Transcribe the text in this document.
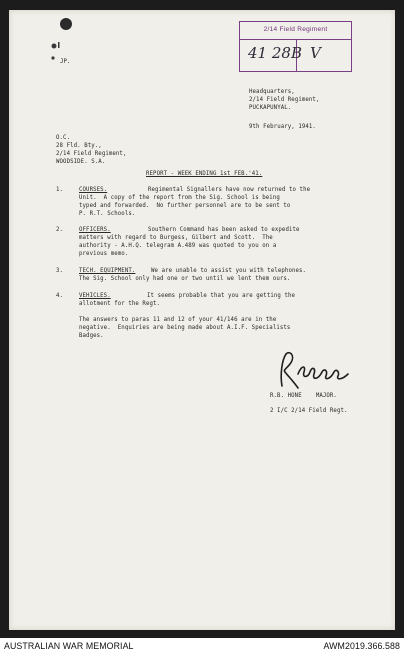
2/14 Field Regiment
41 28B V

JP.

Headquarters,

2/14 Field Regiment,

PUCKAPUNYAL.

9th February, 1941.

O.C.

28 Fld. Bty.,

2/14 Field Regiment,

WOODSIDE. S.A.

REPORT - WEEK ENDING 1st FEB.'41.

1.	COURSES.	Regimental Signallers have now returned to the

Unit.  A copy of the report from the Sig. School is being

typed and forwarded.  No further personnel are to be sent to

P. R.T. Schools.

2.	OFFICERS.	Southern Command has been asked to expedite

matters with regard to Burgess, Gilbert and Scott.  The

authority - A.H.Q. telegram A.489 was quoted to you on a

previous memo.

3.	TECH. EQUIPMENT.	We are unable to assist you with telephones.

The Sig. School only had one or two until we lent them ours.

4.	VEHICLES.	It seems probable that you are getting the

allotment for the Regt.

The answers to paras 11 and 12 of your 41/146 are in the

negative.  Enquiries are being made about A.I.F. Specialists

Badges.

R.B. HONE    MAJOR.

2 I/C 2/14 Field Regt.

AUSTRALIAN WAR MEMORIAL	AWM2019.366.588
